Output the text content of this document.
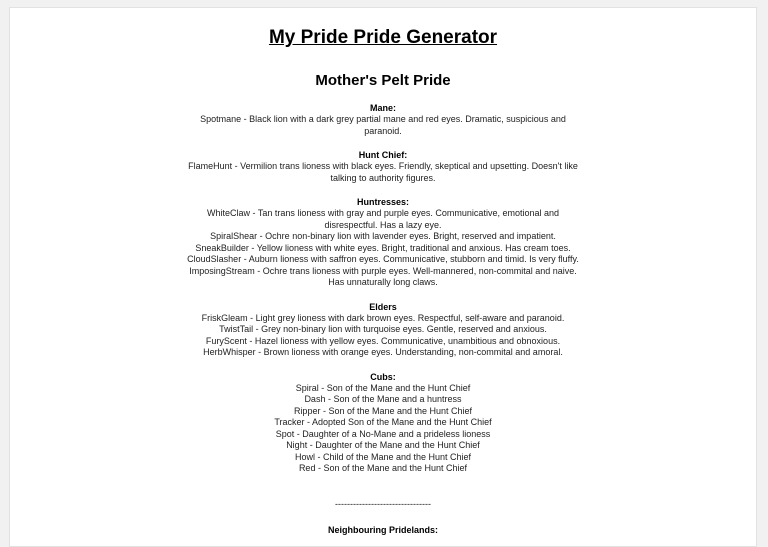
My Pride Pride Generator
Mother's Pelt Pride
Mane:
Spotmane - Black lion with a dark grey partial mane and red eyes. Dramatic, suspicious and paranoid.
Hunt Chief:
FlameHunt - Vermilion trans lioness with black eyes. Friendly, skeptical and upsetting. Doesn't like talking to authority figures.
Huntresses:
WhiteClaw - Tan trans lioness with gray and purple eyes. Communicative, emotional and disrespectful. Has a lazy eye.
SpiralShear - Ochre non-binary lion with lavender eyes. Bright, reserved and impatient.
SneakBuilder - Yellow lioness with white eyes. Bright, traditional and anxious. Has cream toes.
CloudSlasher - Auburn lioness with saffron eyes. Communicative, stubborn and timid. Is very fluffy.
ImposingStream - Ochre trans lioness with purple eyes. Well-mannered, non-commital and naive. Has unnaturally long claws.
Elders
FriskGleam - Light grey lioness with dark brown eyes. Respectful, self-aware and paranoid.
TwistTail - Grey non-binary lion with turquoise eyes. Gentle, reserved and anxious.
FuryScent - Hazel lioness with yellow eyes. Communicative, unambitious and obnoxious.
HerbWhisper - Brown lioness with orange eyes. Understanding, non-commital and amoral.
Cubs:
Spiral - Son of the Mane and the Hunt Chief
Dash - Son of the Mane and a huntress
Ripper - Son of the Mane and the Hunt Chief
Tracker - Adopted Son of the Mane and the Hunt Chief
Spot - Daughter of a No-Mane and a prideless lioness
Night - Daughter of the Mane and the Hunt Chief
Howl - Child of the Mane and the Hunt Chief
Red - Son of the Mane and the Hunt Chief
--------------------------------
Neighbouring Pridelands:
